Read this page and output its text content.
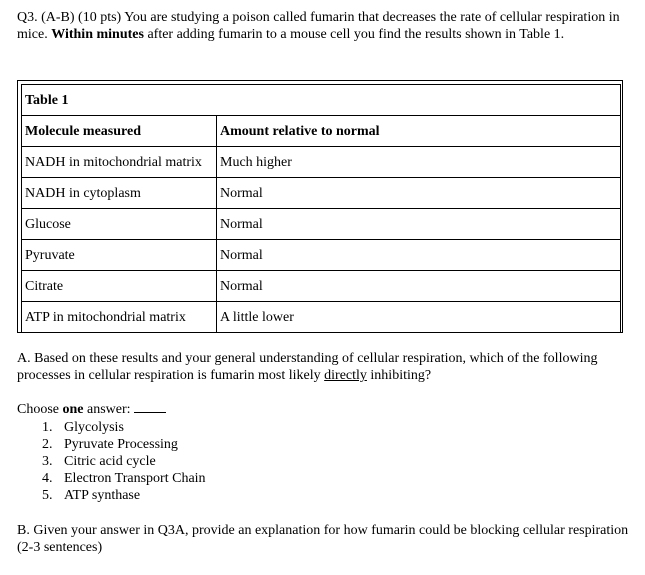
Q3. (A-B) (10 pts) You are studying a poison called fumarin that decreases the rate of cellular respiration in mice. Within minutes after adding fumarin to a mouse cell you find the results shown in Table 1.
Table 1	
Molecule measured	Amount relative to normal
NADH in mitochondrial matrix	Much higher
NADH in cytoplasm	Normal
Glucose	Normal
Pyruvate	Normal
Citrate	Normal
ATP in mitochondrial matrix	A little lower
A. Based on these results and your general understanding of cellular respiration, which of the following processes in cellular respiration is fumarin most likely directly inhibiting?
Choose one answer:
1. Glycolysis
2. Pyruvate Processing
3. Citric acid cycle
4. Electron Transport Chain
5. ATP synthase
B. Given your answer in Q3A, provide an explanation for how fumarin could be blocking cellular respiration (2-3 sentences)
